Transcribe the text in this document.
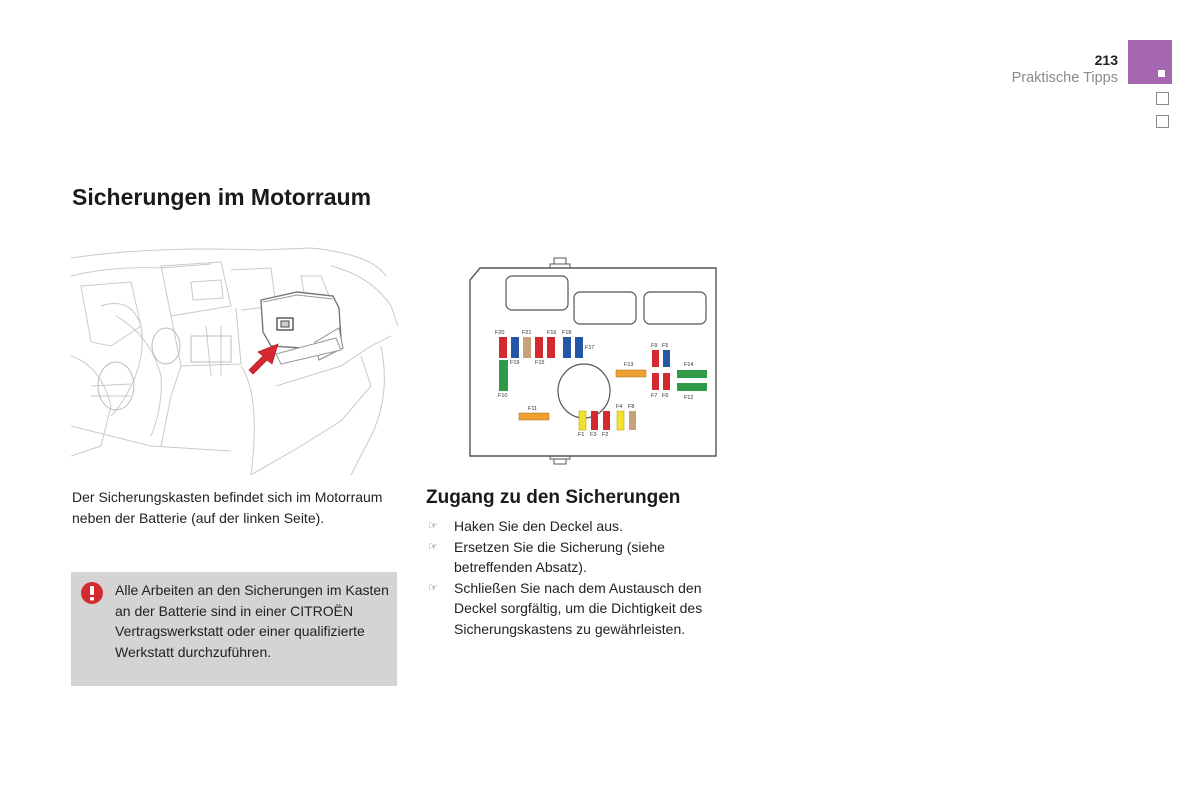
213
Praktische Tipps
Sicherungen im Motorraum
F20	F21	F16 F18
F19	F15
F17
F10
F11
F13
F9 F5
F7 F6
F14
F12
F4 F8
F1 F3 F2
Der Sicherungskasten befindet sich im Motorraum neben der Batterie (auf der linken Seite).
Alle Arbeiten an den Sicherungen im Kasten an der Batterie sind in einer CITROËN Vertragswerkstatt oder einer qualifizierte Werkstatt durchzuführen.
Zugang zu den Sicherungen
☞ Haken Sie den Deckel aus.
☞ Ersetzen Sie die Sicherung (siehe betreffenden Absatz).
☞ Schließen Sie nach dem Austausch den Deckel sorgfältig, um die Dichtigkeit des Sicherungskastens zu gewährleisten.
